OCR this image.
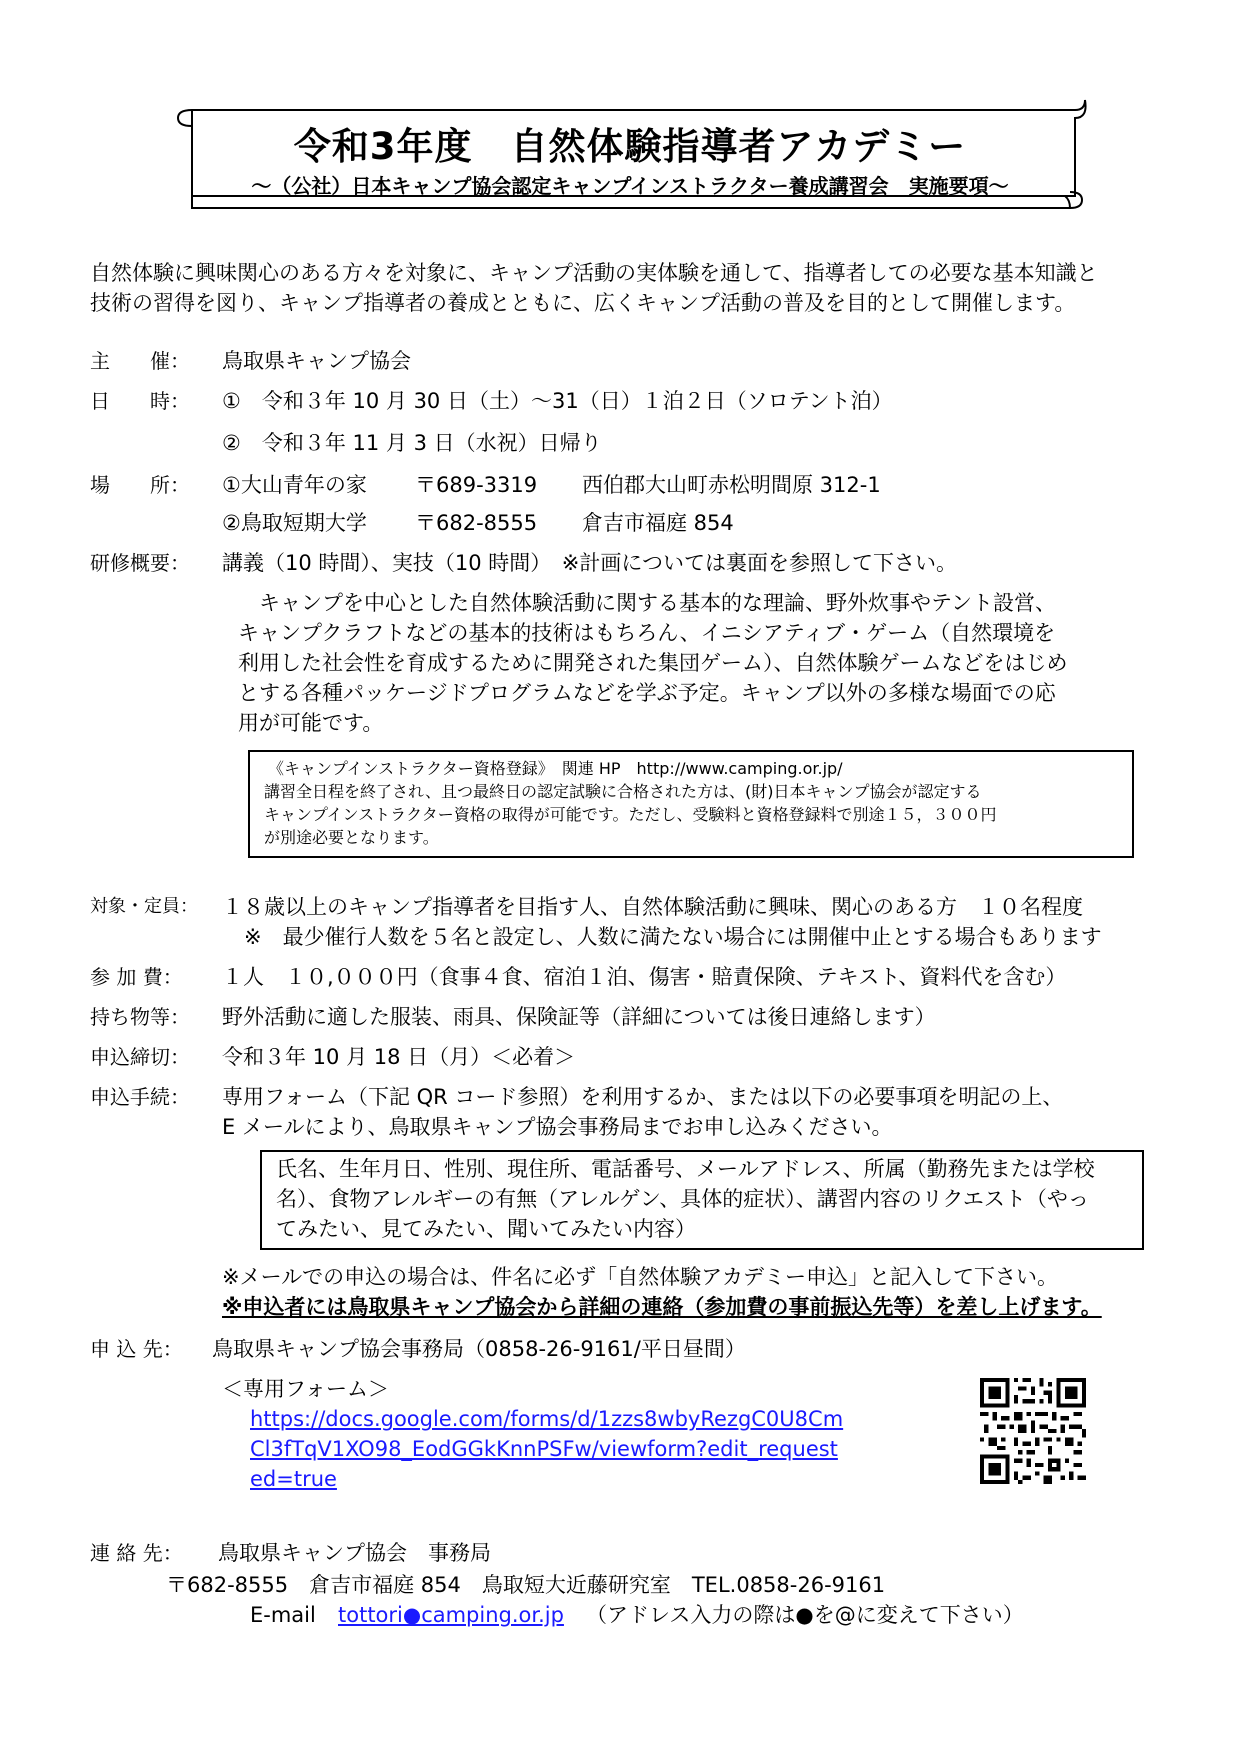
令和3年度　自然体験指導者アカデミー
～（公社）日本キャンプ協会認定キャンプインストラクター養成講習会　実施要項～
自然体験に興味関心のある方々を対象に、キャンプ活動の実体験を通して、指導者しての必要な基本知識と
技術の習得を図り、キャンプ指導者の養成とともに、広くキャンプ活動の普及を目的として開催します。
主　　催： 鳥取県キャンプ協会
日　　時： ①　令和３年 10 月 30 日（土）～31（日）１泊２日（ソロテント泊）
②　令和３年 11 月 3 日（水祝）日帰り
場　　所： ①大山青年の家 〒689-3319 西伯郡大山町赤松明間原 312-1
②鳥取短期大学 〒682-8555 倉吉市福庭 854
研修概要： 講義（10 時間）、実技（10 時間）　※計画については裏面を参照して下さい。
　キャンプを中心とした自然体験活動に関する基本的な理論、野外炊事やテント設営、
キャンプクラフトなどの基本的技術はもちろん、イニシアティブ・ゲーム（自然環境を
利用した社会性を育成するために開発された集団ゲーム）、自然体験ゲームなどをはじめ
とする各種パッケージドプログラムなどを学ぶ予定。キャンプ以外の多様な場面での応
用が可能です。
《キャンプインストラクター資格登録》　関連 HP　http://www.camping.or.jp/
講習全日程を終了され、且つ最終日の認定試験に合格された方は、(財)日本キャンプ協会が認定する
キャンプインストラクター資格の取得が可能です。ただし、受験料と資格登録料で別途１５，３００円
が別途必要となります。
対象・定員： １８歳以上のキャンプ指導者を目指す人、自然体験活動に興味、関心のある方　１０名程度
※　最少催行人数を５名と設定し、人数に満たない場合には開催中止とする場合もあります
参 加 費： １人　１０,０００円（食事４食、宿泊１泊、傷害・賠責保険、テキスト、資料代を含む）
持ち物等： 野外活動に適した服装、雨具、保険証等（詳細については後日連絡します）
申込締切： 令和３年 10 月 18 日（月）＜必着＞
申込手続： 専用フォーム（下記 QR コード参照）を利用するか、または以下の必要事項を明記の上、
E メールにより、鳥取県キャンプ協会事務局までお申し込みください。
氏名、生年月日、性別、現住所、電話番号、メールアドレス、所属（勤務先または学校
名）、食物アレルギーの有無（アレルゲン、具体的症状）、講習内容のリクエスト（やっ
てみたい、見てみたい、聞いてみたい内容）
※メールでの申込の場合は、件名に必ず「自然体験アカデミー申込」と記入して下さい。
※申込者には鳥取県キャンプ協会から詳細の連絡（参加費の事前振込先等）を差し上げます。
申 込 先： 鳥取県キャンプ協会事務局（0858-26-9161/平日昼間）
＜専用フォーム＞
https://docs.google.com/forms/d/1zzs8wbyRezgC0U8Cm
Cl3fTqV1XO98_EodGGkKnnPSFw/viewform?edit_request
ed=true
連 絡 先： 鳥取県キャンプ協会　事務局
〒682-8555　倉吉市福庭 854　鳥取短大近藤研究室　TEL.0858-26-9161
E-mail tottori●camping.or.jp （アドレス入力の際は●を@に変えて下さい）
